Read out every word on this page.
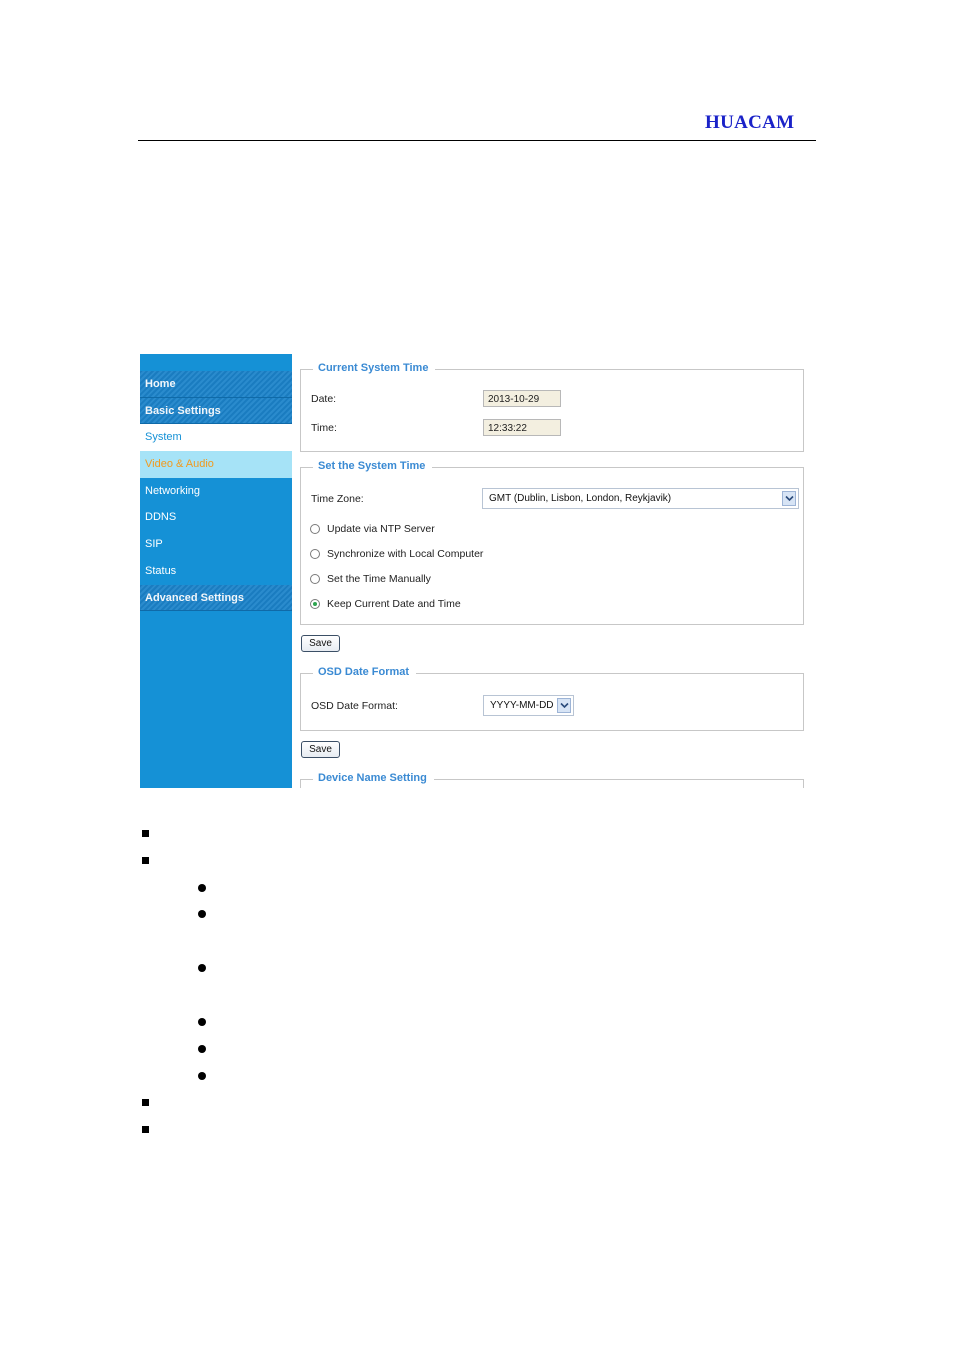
HUACAM
Home
Basic Settings
System
Video & Audio
Networking
DDNS
SIP
Status
Advanced Settings
Current System Time
Date:	2013-10-29
Time:	12:33:22
Set the System Time
Time Zone:	GMT (Dublin, Lisbon, London, Reykjavik)
Update via NTP Server
Synchronize with Local Computer
Set the Time Manually
Keep Current Date and Time
Save
OSD Date Format
OSD Date Format:	YYYY-MM-DD
Save
Device Name Setting
